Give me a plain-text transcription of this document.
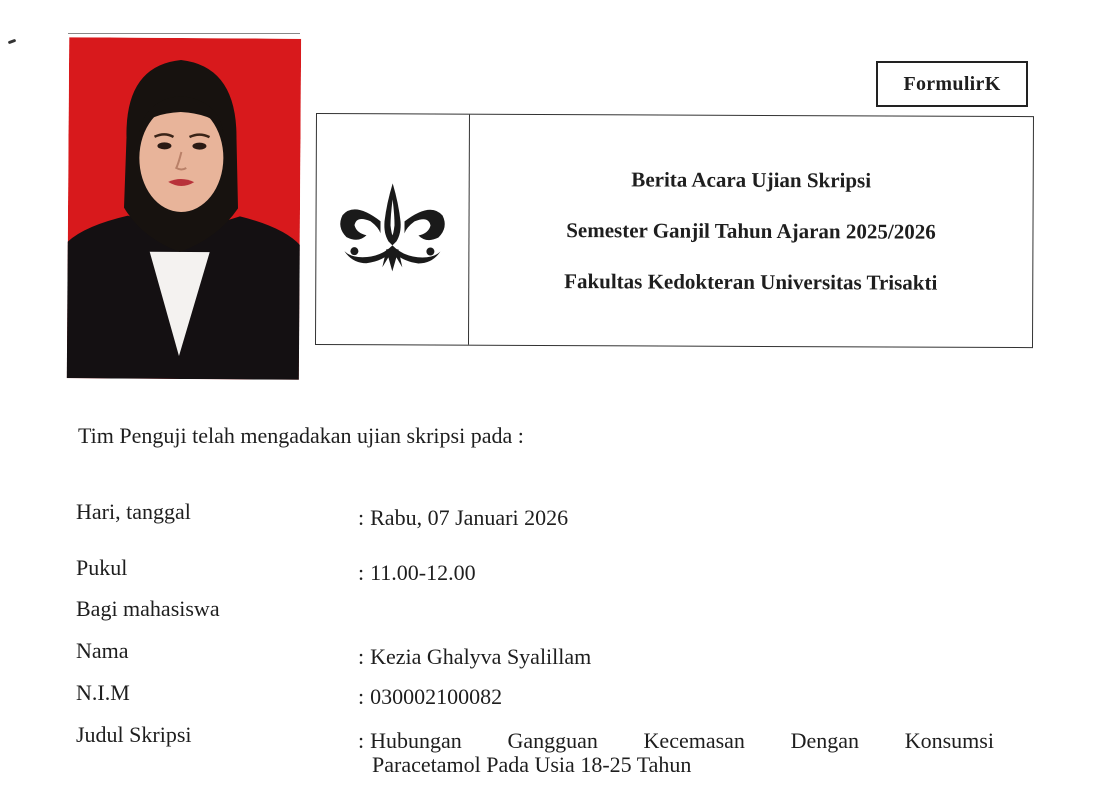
FormulirK
Berita Acara Ujian Skripsi
Semester Ganjil Tahun Ajaran 2025/2026
Fakultas Kedokteran Universitas Trisakti
Tim Penguji telah mengadakan ujian skripsi pada :
Hari, tanggal	: Rabu, 07 Januari 2026
Pukul	: 11.00-12.00
Bagi mahasiswa
Nama	: Kezia Ghalyva Syalillam
N.I.M	: 030002100082
Judul Skripsi	: Hubungan Gangguan Kecemasan Dengan Konsumsi
Paracetamol Pada Usia 18-25 Tahun
